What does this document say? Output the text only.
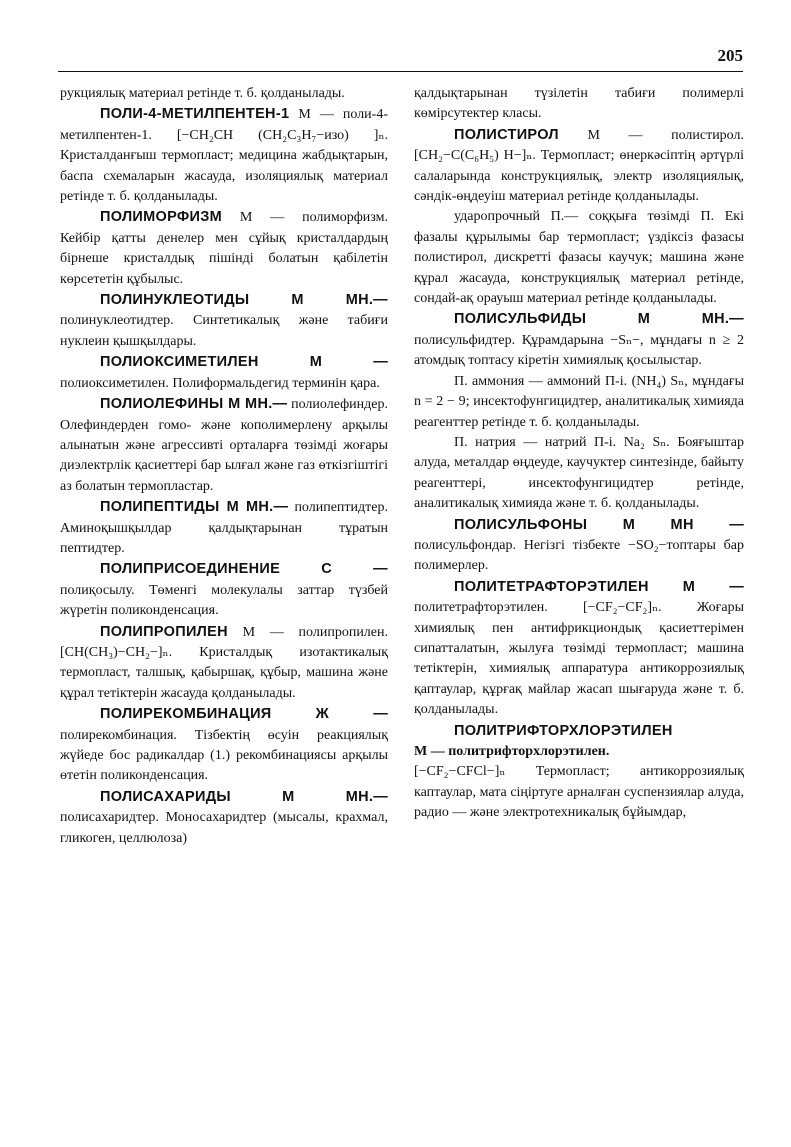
205

рукциялық материал ретінде т. б. қолданылады.

ПОЛИ-4-МЕТИЛПЕНТЕН-1 М — поли-4-метилпентен-1. [−CH₂CH (CH₂C₃H₇−изо) ]ₙ. Кристалданғыш термопласт; медицина жабдықтарын, баспа схемаларын жасауда, изоляциялық материал ретінде т. б. қолданылады.

ПОЛИМОРФИЗМ М — полиморфизм. Кейбір қатты денелер мен сұйық кристалдардың бірнеше кристалдық пішінді болатын қабілетін көрсететін құбылыс.

ПОЛИНУКЛЕОТИДЫ М МН.— полинуклеотидтер. Синтетикалық және табиғи нуклеин қышқылдары.

ПОЛИОКСИМЕТИЛЕН М — полиоксиметилен. Полиформальдегид терминін қара.

ПОЛИОЛЕФИНЫ М МН.— полиолефиндер. Олефиндерден гомо- және кополимерлену арқылы алынатын және агрессивті орталарға төзімді жоғары диэлектрлік қасиеттері бар ылғал және газ өткізгіштігі аз болатын термопластар.

ПОЛИПЕПТИДЫ М МН.— полипептидтер. Аминоқышқылдар қалдықтарынан тұратын пептидтер.

ПОЛИПРИСОЕДИНЕНИЕ С — полиқосылу. Төменгі молекулалы заттар түзбей жүретін поликонденсация.

ПОЛИПРОПИЛЕН М — полипропилен. [CH(CH₃)−CH₂−]ₙ. Кристалдық изотактикалық термопласт, талшық, қабыршақ, құбыр, машина және құрал тетіктерін жасауда қолданылады.

ПОЛИРЕКОМБИНАЦИЯ Ж — полирекомбинация. Тізбектің өсуін реакциялық жүйеде бос радикалдар (1.) рекомбинациясы арқылы өтетін поликонденсация.

ПОЛИСАХАРИДЫ М МН.— полисахаридтер. Моносахаридтер (мысалы, крахмал, гликоген, целлюлоза)

қалдықтарынан түзілетін табиғи полимерлі көмірсутектер класы.

ПОЛИСТИРОЛ М — полистирол. [CH₂−C(C₆H₅) H−]ₙ. Термопласт; өнеркәсіптің әртүрлі салаларында конструкциялық, электр изоляциялық, сәндік-өңдеуіш материал ретінде қолданылады.

ударопрочный П.— соққыға төзімді П. Екі фазалы құрылымы бар термопласт; үздіксіз фазасы полистирол, дискретті фазасы каучук; машина және құрал жасауда, конструкциялық материал ретінде, сондай-ақ орауыш материал ретінде қолданылады.

ПОЛИСУЛЬФИДЫ М МН.— полисульфидтер. Құрамдарына −Sₙ−, мұндағы n ≥ 2 атомдық топтасу кіретін химиялық қосылыстар.

П. аммония — аммоний П-і. (NH₄) Sₙ, мұндағы n = 2 − 9; инсектофунгицидтер, аналитикалық химияда реагенттер ретінде т. б. қолданылады.

П. натрия — натрий П-і. Na₂ Sₙ. Бояғыштар алуда, металдар өңдеуде, каучуктер синтезінде, байыту реагенттері, инсектофунгицидтер ретінде, аналитикалық химияда және т. б. қолданылады.

ПОЛИСУЛЬФОНЫ М МН — полисульфондар. Негізгі тізбекте −SO₂−топтары бар полимерлер.

ПОЛИТЕТРАФТОРЭТИЛЕН М — политетрафторэтилен. [−CF₂−CF₂]ₙ. Жоғары химиялық пен антифрикциондық қасиеттерімен сипатталатын, жылуға төзімді термопласт; машина тетіктерін, химиялық аппаратура антикоррозиялық қаптаулар, құрғақ майлар жасап шығаруда және т. б. қолданылады.

ПОЛИТРИФТОРХЛОРЭТИЛЕН

М — политрифторхлорэтилен.

[−CF₂−CFCl−]ₙ Термопласт; антикоррозиялық каптаулар, мата сіңіртуге арналған суспензиялар алуда, радио — және электротехникалық бұйымдар,
